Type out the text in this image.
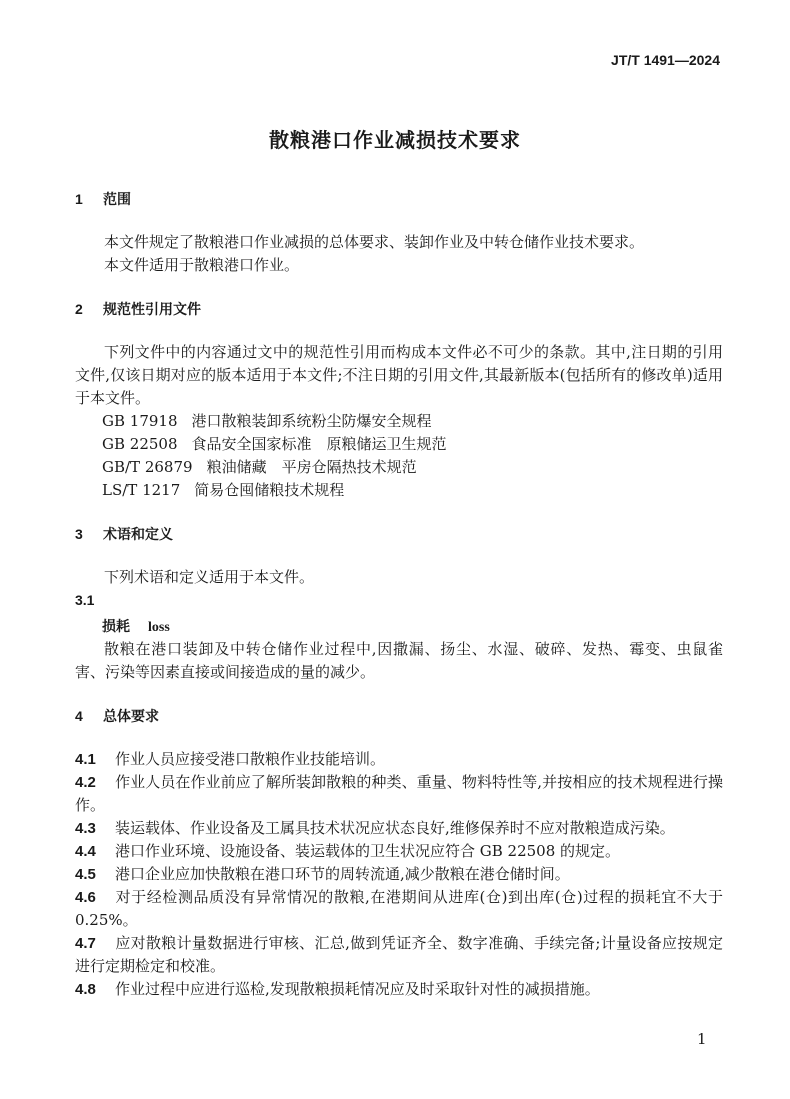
JT/T 1491—2024
散粮港口作业减损技术要求
1 范围
本文件规定了散粮港口作业减损的总体要求、装卸作业及中转仓储作业技术要求。
本文件适用于散粮港口作业。
2 规范性引用文件
下列文件中的内容通过文中的规范性引用而构成本文件必不可少的条款。其中,注日期的引用文件,仅该日期对应的版本适用于本文件;不注日期的引用文件,其最新版本(包括所有的修改单)适用于本文件。
GB 17918 港口散粮装卸系统粉尘防爆安全规程
GB 22508 食品安全国家标准　原粮储运卫生规范
GB/T 26879 粮油储藏　平房仓隔热技术规范
LS/T 1217 简易仓囤储粮技术规程
3 术语和定义
下列术语和定义适用于本文件。
3.1
损耗 loss
散粮在港口装卸及中转仓储作业过程中,因撒漏、扬尘、水湿、破碎、发热、霉变、虫鼠雀害、污染等因素直接或间接造成的量的减少。
4 总体要求
4.1 作业人员应接受港口散粮作业技能培训。
4.2 作业人员在作业前应了解所装卸散粮的种类、重量、物料特性等,并按相应的技术规程进行操作。
4.3 装运载体、作业设备及工属具技术状况应状态良好,维修保养时不应对散粮造成污染。
4.4 港口作业环境、设施设备、装运载体的卫生状况应符合 GB 22508 的规定。
4.5 港口企业应加快散粮在港口环节的周转流通,减少散粮在港仓储时间。
4.6 对于经检测品质没有异常情况的散粮,在港期间从进库(仓)到出库(仓)过程的损耗宜不大于0.25%。
4.7 应对散粮计量数据进行审核、汇总,做到凭证齐全、数字准确、手续完备;计量设备应按规定进行定期检定和校准。
4.8 作业过程中应进行巡检,发现散粮损耗情况应及时采取针对性的减损措施。
1
